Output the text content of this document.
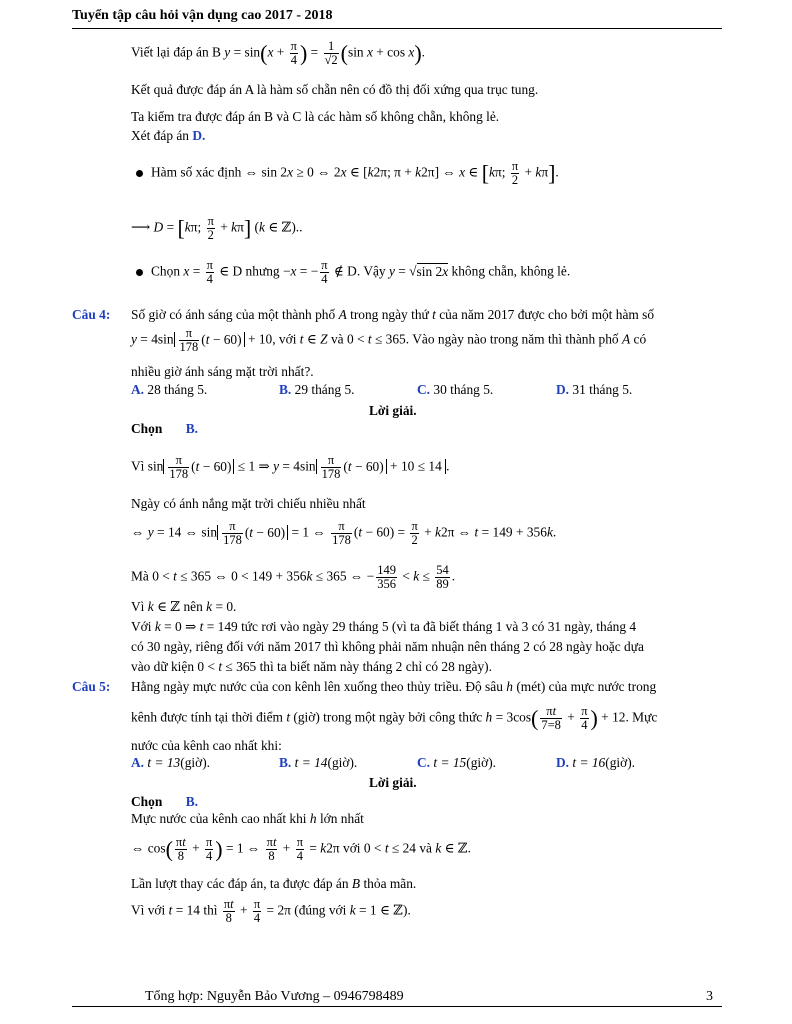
Tuyển tập câu hỏi vận dụng cao 2017 - 2018
Viết lại đáp án B $y = \sin(x + \frac{\pi}{4}$ ) = $\frac{1}{√2} (\sin$ x + cos x).
Kết quả được đáp án A là hàm số chẵn nên có đồ thị đối xứng qua trục tung.
Ta kiểm tra được đáp án B và C là các hàm số không chẵn, không lẻ.
Xét đáp án D.
Hàm số xác định ⇔ sin 2x ≥ 0 ⇔ 2x ∈ [k2π; π + k2π] ⇔ x ∈ [kπ; $\frac{\pi}{2} + k\pi$].
⟶ D = [kπ; $\frac{\pi}{2} + k\pi$] (k ∈ ℤ)..
Chọn $x = \frac{\pi}{4}$ ∈ D nhưng −x = − $\frac{\pi}{4}$ ∉ D. Vậy y = √sin 2x không chẵn, không lẻ.
Câu 4: Số giờ có ánh sáng của một thành phố A trong ngày thứ t của năm 2017 được cho bởi một hàm số
$y = 4\sin \frac{\pi}{178} (t - 60) + 10$, với t ∈ Z và 0 < t ≤ 365. Vào ngày nào trong năm thì thành phố A có
nhiều giờ ánh sáng mặt trời nhất?.
A. 28 tháng 5.	B. 29 tháng 5.	C. 30 tháng 5.	D. 31 tháng 5.
Lời giải.
Chọn B.
Vì $\sin \frac{\pi}{178} (t - 60) \le 1$ ⇒ $y = 4\sin \frac{\pi}{178} (t - 60) + 10 \le 14$ .
Ngày có ánh nắng mặt trời chiếu nhiều nhất
⇔ y = 14 ⇔ $\sin \frac{\pi}{178} (t - 60) = 1$ ⇔ $\frac{\pi}{178} (t - 60) = \frac{\pi}{2} + k2\pi$ ⇔ t = 149 + 356k.
Mà 0 < t ≤ 365 ⇔ 0 < 149 + 356k ≤ 365 ⇔ − $\frac{149}{356} < k \le \frac{54}{89}$ .
Vì k ∈ ℤ nên k = 0.
Với k = 0 ⇒ t = 149 tức rơi vào ngày 29 tháng 5 (vì ta đã biết tháng 1 và 3 có 31 ngày, tháng 4
có 30 ngày, riêng đối với năm 2017 thì không phải năm nhuận nên tháng 2 có 28 ngày hoặc dựa
vào dữ kiện 0 < t ≤ 365 thì ta biết năm này tháng 2 chỉ có 28 ngày).
Câu 5: Hằng ngày mực nước của con kênh lên xuống theo thủy triều. Độ sâu h (mét) của mực nước trong
kênh được tính tại thời điểm t (giờ) trong một ngày bởi công thức $h = 3\cos( \frac{\pi t}{7=8} + \frac{\pi}{4}$ ) + 12. Mực
nước của kênh cao nhất khi:
A. t = 13(giờ).	B. t = 14(giờ).	C. t = 15(giờ).	D. t = 16(giờ).
Lời giải.
Chọn B.
Mực nước của kênh cao nhất khi h lớn nhất
⇔ $\cos( \frac{\pi t}{8} + \frac{\pi}{4}$ ) = 1 ⇔ $\frac{\pi t}{8} + \frac{\pi}{4} = k2\pi$ với 0 < t ≤ 24 và k ∈ ℤ.
Lần lượt thay các đáp án, ta được đáp án B thỏa mãn.
Vì với t = 14 thì $\frac{\pi t}{8} + \frac{\pi}{4} = 2\pi$ (đúng với k = 1 ∈ ℤ).
Tổng hợp: Nguyễn Bảo Vương – 0946798489	3
